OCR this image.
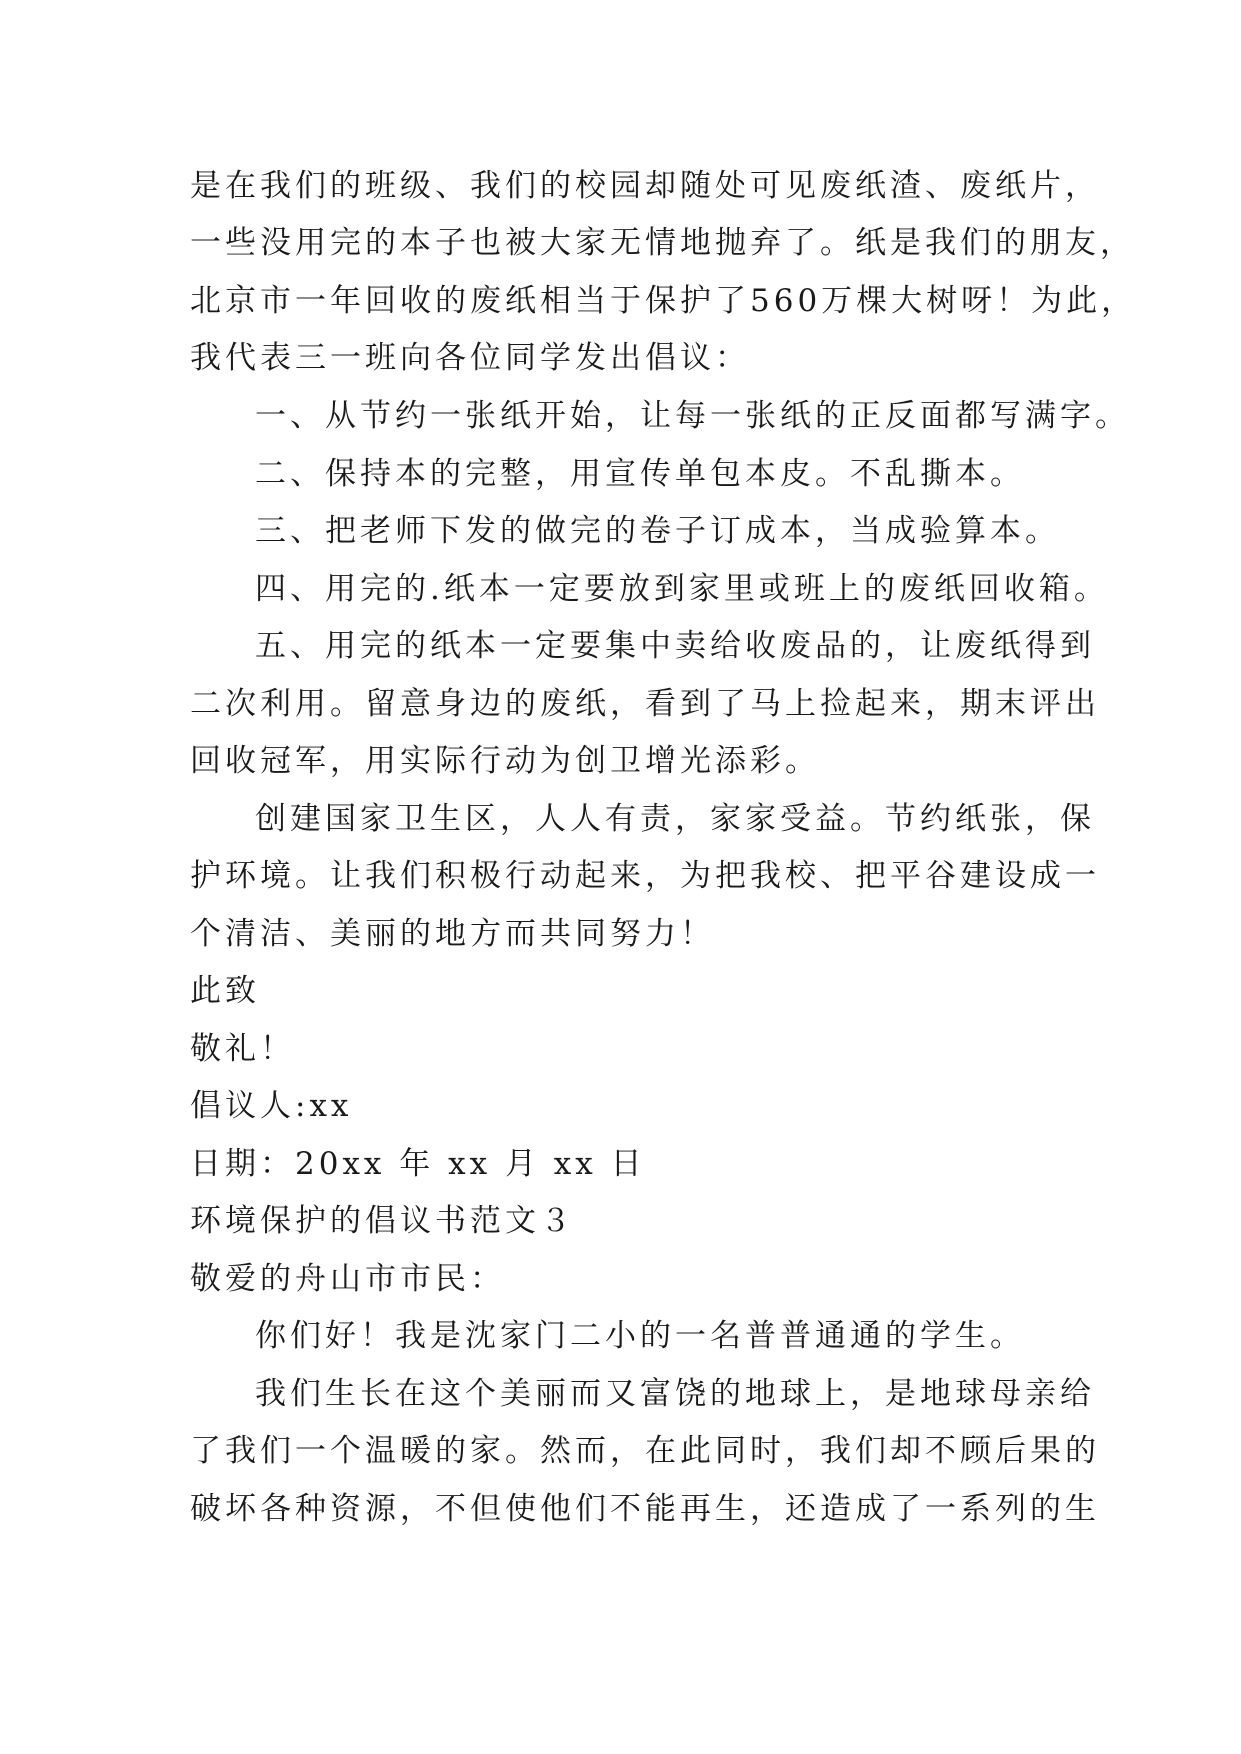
是在我们的班级、我们的校园却随处可见废纸渣、废纸片，
一些没用完的本子也被大家无情地抛弃了。纸是我们的朋友，
北京市一年回收的废纸相当于保护了560万棵大树呀！为此，
我代表三一班向各位同学发出倡议：
一、从节约一张纸开始，让每一张纸的正反面都写满字。
二、保持本的完整，用宣传单包本皮。不乱撕本。
三、把老师下发的做完的卷子订成本，当成验算本。
四、用完的.纸本一定要放到家里或班上的废纸回收箱。
五、用完的纸本一定要集中卖给收废品的，让废纸得到
二次利用。留意身边的废纸，看到了马上捡起来，期末评出
回收冠军，用实际行动为创卫增光添彩。
创建国家卫生区，人人有责，家家受益。节约纸张，保
护环境。让我们积极行动起来，为把我校、把平谷建设成一
个清洁、美丽的地方而共同努力！
此致
敬礼！
倡议人:xx
日期：20xx 年 xx 月 xx 日
环境保护的倡议书范文３
敬爱的舟山市市民：
你们好！我是沈家门二小的一名普普通通的学生。
我们生长在这个美丽而又富饶的地球上，是地球母亲给
了我们一个温暖的家。然而，在此同时，我们却不顾后果的
破坏各种资源，不但使他们不能再生，还造成了一系列的生
